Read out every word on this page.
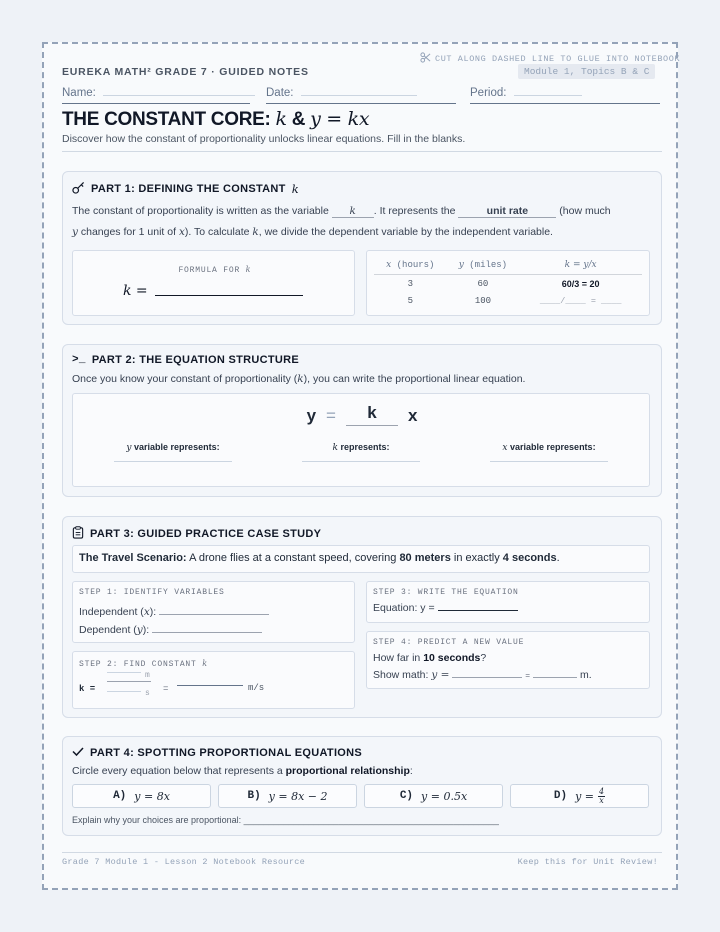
CUT ALONG DASHED LINE TO GLUE INTO NOTEBOOK
Module 1, Topics B & C
EUREKA MATH² GRADE 7 · GUIDED NOTES
Name:	Date:	Period:
THE CONSTANT CORE: k & y = kx
Discover how the constant of proportionality unlocks linear equations. Fill in the blanks.
PART 1: DEFINING THE CONSTANT k
The constant of proportionality is written as the variable k . It represents the	unit rate	(how much
y changes for 1 unit of x). To calculate k, we divide the dependent variable by the independent variable.
FORMULA FOR k
k =
x (hours)	y (miles)	k = y/x
3	60	60/3 = 20
5	100	____/____ = ____
>_ PART 2: THE EQUATION STRUCTURE
Once you know your constant of proportionality (k), you can write the proportional linear equation.
y =	k	x
y variable represents:	k represents:	x variable represents:
PART 3: GUIDED PRACTICE CASE STUDY
The Travel Scenario: A drone flies at a constant speed, covering 80 meters in exactly 4 seconds.
STEP 1: IDENTIFY VARIABLES
Independent (x):
Dependent (y):
STEP 2: FIND CONSTANT k
k =
m
s =	m/s
STEP 3: WRITE THE EQUATION
Equation: y =
STEP 4: PREDICT A NEW VALUE
How far in 10 seconds?
Show math: y =	=	m.
PART 4: SPOTTING PROPORTIONAL EQUATIONS
Circle every equation below that represents a proportional relationship:
A) y = 8x	B) y = 8x − 2	C) y = 0.5x	D) $y = \frac{4}{x}$
Explain why your choices are proportional: ___________________________________________________
Grade 7 Module 1 - Lesson 2 Notebook Resource	Keep this for Unit Review!
